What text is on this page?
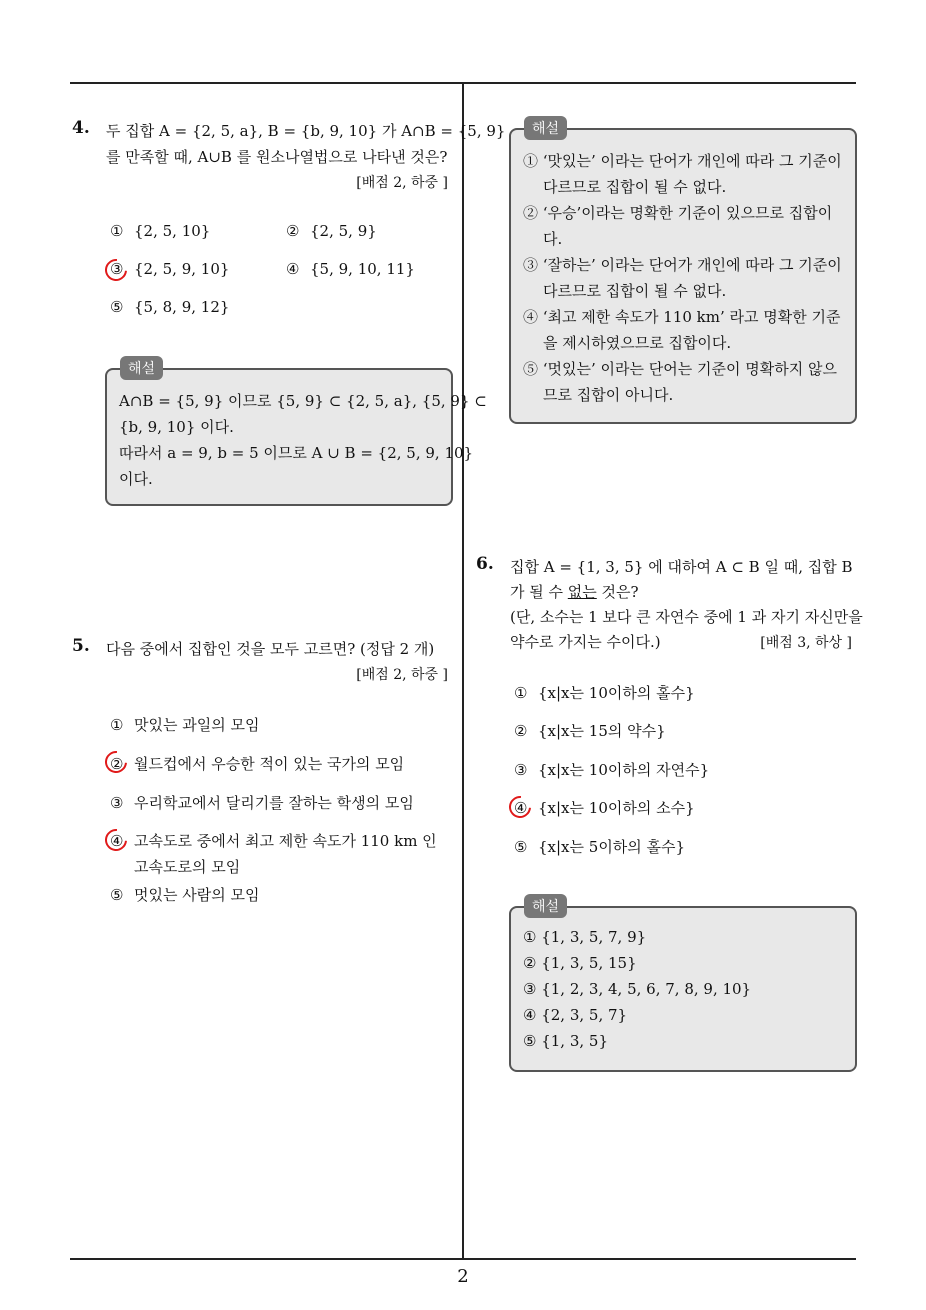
4. 두 집합 A = {2, 5, a}, B = {b, 9, 10} 가 A∩B = {5, 9}
를 만족할 때, A∪B 를 원소나열법으로 나타낸 것은?
[배점 2, 하중 ]
① {2, 5, 10}	② {2, 5, 9}
③ {2, 5, 9, 10}	④ {5, 9, 10, 11}
⑤ {5, 8, 9, 12}
A∩B = {5, 9} 이므로 {5, 9} ⊂ {2, 5, a}, {5, 9} ⊂
{b, 9, 10} 이다.
따라서 a = 9, b = 5 이므로 A ∪ B = {2, 5, 9, 10}
이다.
해설
5. 다음 중에서 집합인 것을 모두 고르면? (정답 2 개)
[배점 2, 하중 ]
① 맛있는 과일의 모임
② 월드컵에서 우승한 적이 있는 국가의 모임
③ 우리학교에서 달리기를 잘하는 학생의 모임
④ 고속도로 중에서 최고 제한 속도가 110 km 인
고속도로의 모임
⑤ 멋있는 사람의 모임
① ‘맛있는’ 이라는 단어가 개인에 따라 그 기준이
다르므로 집합이 될 수 없다.
② ‘우승’이라는 명확한 기준이 있으므로 집합이
다.
③ ‘잘하는’ 이라는 단어가 개인에 따라 그 기준이
다르므로 집합이 될 수 없다.
④ ‘최고 제한 속도가 110 km’ 라고 명확한 기준
을 제시하였으므로 집합이다.
⑤ ‘멋있는’ 이라는 단어는 기준이 명확하지 않으
므로 집합이 아니다.
해설
6. 집합 A = {1, 3, 5} 에 대하여 A ⊂ B 일 때, 집합 B
가 될 수 없는 것은?
(단, 소수는 1 보다 큰 자연수 중에 1 과 자기 자신만을
약수로 가지는 수이다.)	[배점 3, 하상 ]
① {x|x는 10이하의 홀수}
② {x|x는 15의 약수}
③ {x|x는 10이하의 자연수}
④ {x|x는 10이하의 소수}
⑤ {x|x는 5이하의 홀수}
① {1, 3, 5, 7, 9}
② {1, 3, 5, 15}
③ {1, 2, 3, 4, 5, 6, 7, 8, 9, 10}
④ {2, 3, 5, 7}
⑤ {1, 3, 5}
해설
2
